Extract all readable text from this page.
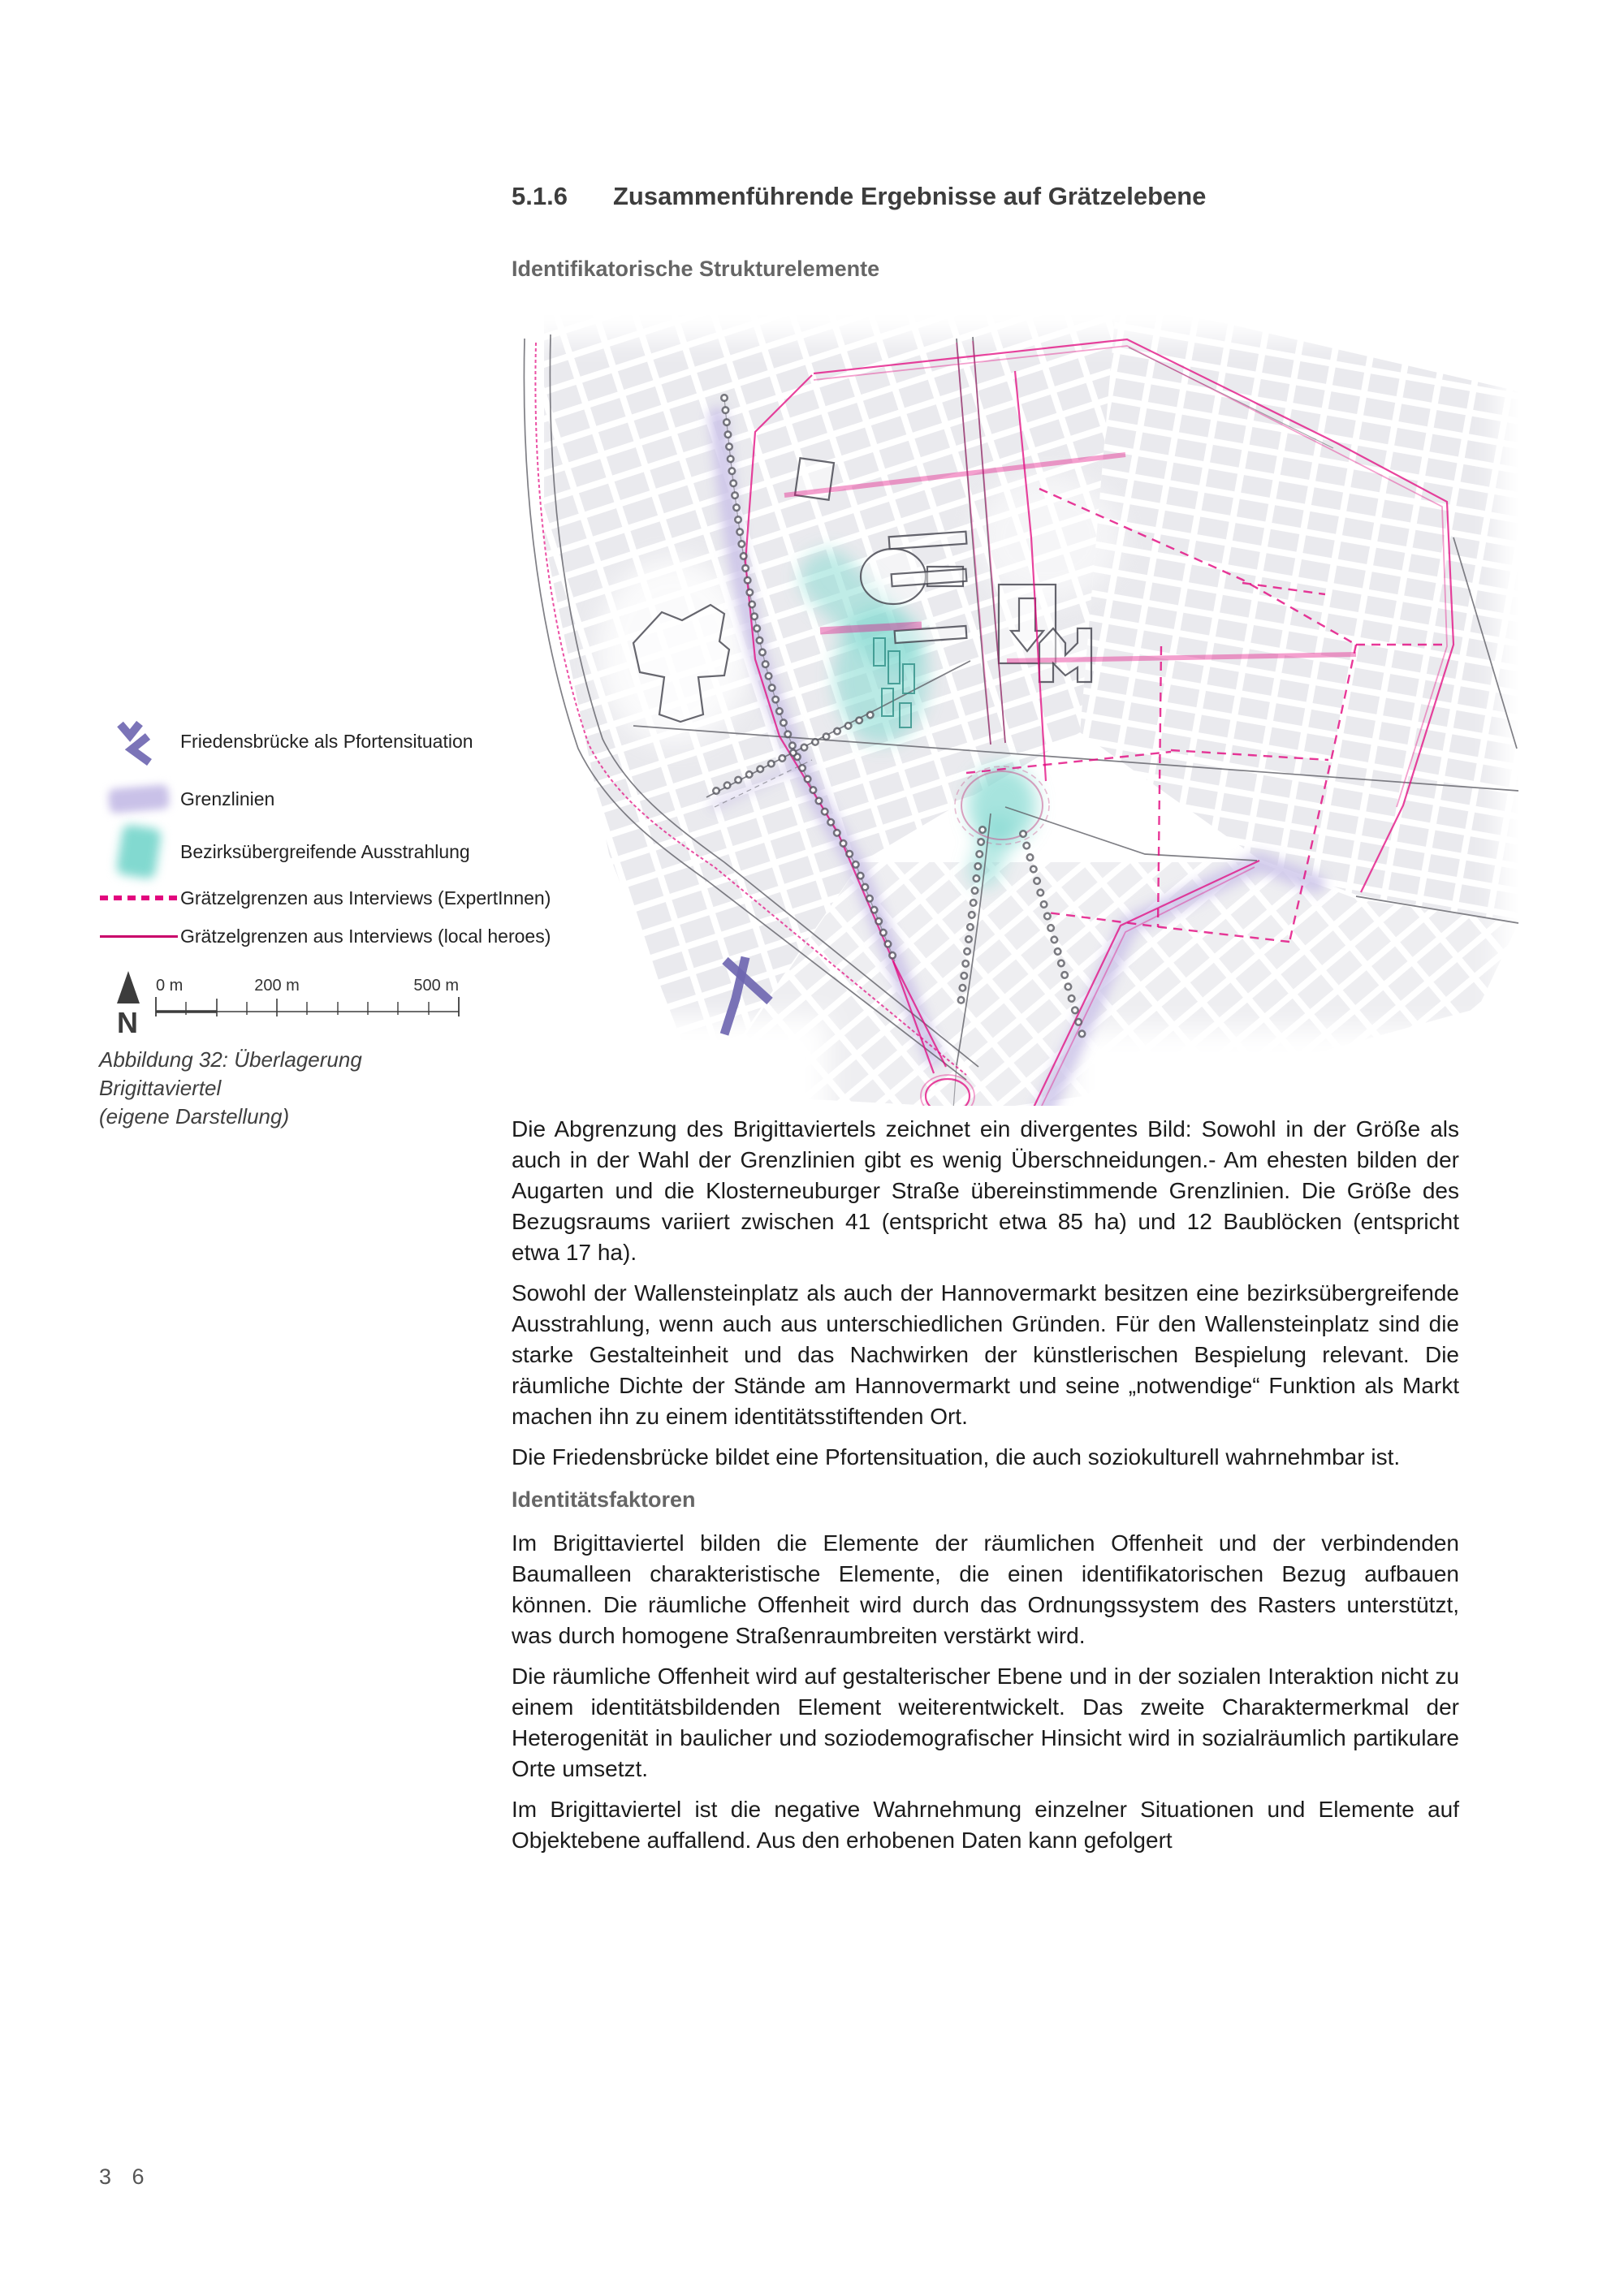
5.1.6 Zusammenführende Ergebnisse auf Grätzelebene
Identifikatorische Strukturelemente
Friedensbrücke als Pfortensituation
Grenzlinien
Bezirksübergreifende Ausstrahlung
Grätzelgrenzen aus Interviews (ExpertInnen)
Grätzelgrenzen aus Interviews (local heroes)
N
0 m	200 m	500 m
Abbildung 32: Überlagerung Brigittaviertel
(eigene Darstellung)	Die Abgrenzung des Brigittaviertels zeichnet ein divergentes Bild: Sowohl in der Größe als auch in der Wahl der Grenzlinien gibt es wenig Überschneidungen.- Am ehesten bilden der Augarten und die Klosterneuburger Straße übereinstimmende Grenzlinien. Die Größe des Bezugsraums variiert zwischen 41 (entspricht etwa 85 ha) und 12 Baublöcken (entspricht etwa 17 ha).

Sowohl der Wallensteinplatz als auch der Hannovermarkt besitzen eine bezirksübergreifende Ausstrahlung, wenn auch aus unterschiedlichen Gründen. Für den Wallensteinplatz sind die starke Gestalteinheit und das Nachwirken der künstlerischen Bespielung relevant. Die räumliche Dichte der Stände am Hannovermarkt und seine „notwendige“ Funktion als Markt machen ihn zu einem identitätsstiftenden Ort.

Die Friedensbrücke bildet eine Pfortensituation, die auch soziokulturell wahrnehmbar ist.

Identitätsfaktoren

Im Brigittaviertel bilden die Elemente der räumlichen Offenheit und der verbindenden Baumalleen charakteristische Elemente, die einen identifikatorischen Bezug aufbauen können. Die räumliche Offenheit wird durch das Ordnungssystem des Rasters unterstützt, was durch homogene Straßenraumbreiten verstärkt wird.

Die räumliche Offenheit wird auf gestalterischer Ebene und in der sozialen Interaktion nicht zu einem identitätsbildenden Element weiterentwickelt. Das zweite Charaktermerkmal der Heterogenität in baulicher und soziodemografischer Hinsicht wird in sozialräumlich partikulare Orte umsetzt.

Im Brigittaviertel ist die negative Wahrnehmung einzelner Situationen und Elemente auf Objektebene auffallend. Aus den erhobenen Daten kann gefolgert

3 6
